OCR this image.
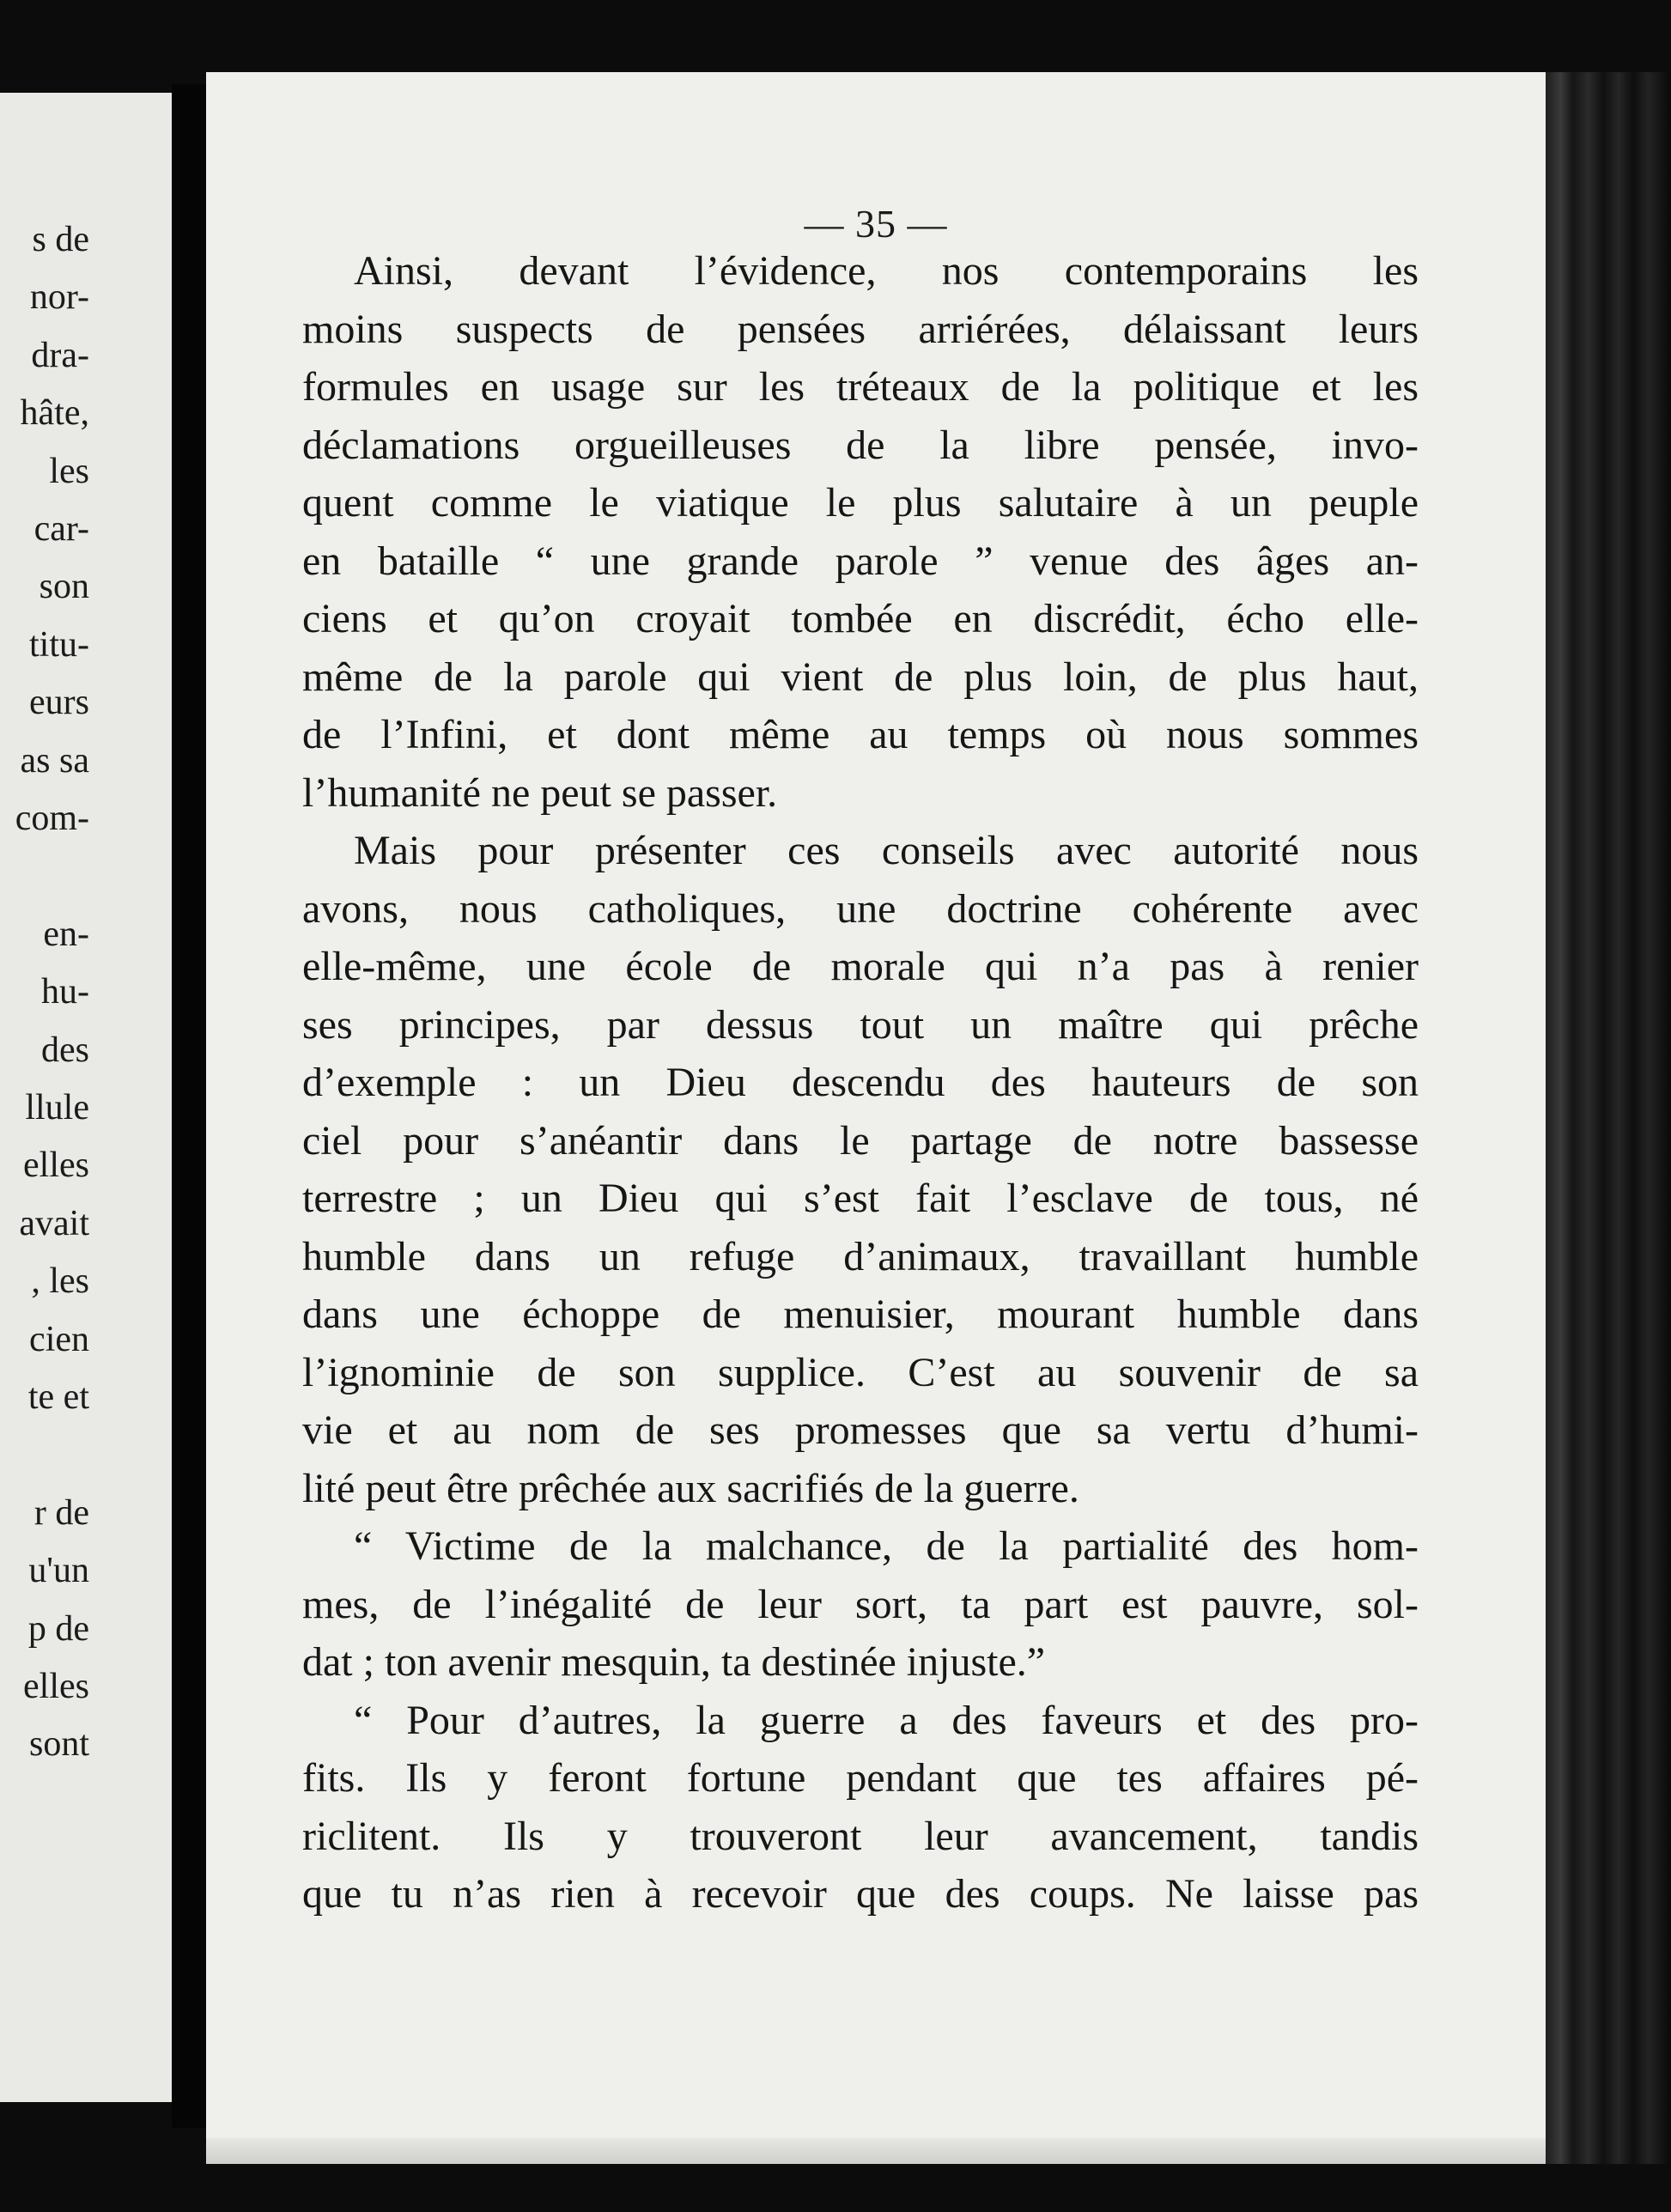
s de
nor-
dra-
hâte,
les
car-
son
titu-
eurs
as sa
com-
en-
hu-
des
llule
elles
avait
, les
cien
te et
r de
u'un
p de
elles
sont
— 35 —
Ainsi, devant l’évidence, nos contemporains les
moins suspects de pensées arriérées, délaissant leurs
formules en usage sur les tréteaux de la politique et les
déclamations orgueilleuses de la libre pensée, invo-
quent comme le viatique le plus salutaire à un peuple
en bataille “ une grande parole ” venue des âges an-
ciens et qu’on croyait tombée en discrédit, écho elle-
même de la parole qui vient de plus loin, de plus haut,
de l’Infini, et dont même au temps où nous sommes
l’humanité ne peut se passer.
Mais pour présenter ces conseils avec autorité nous
avons, nous catholiques, une doctrine cohérente avec
elle-même, une école de morale qui n’a pas à renier
ses principes, par dessus tout un maître qui prêche
d’exemple : un Dieu descendu des hauteurs de son
ciel pour s’anéantir dans le partage de notre bassesse
terrestre ; un Dieu qui s’est fait l’esclave de tous, né
humble dans un refuge d’animaux, travaillant humble
dans une échoppe de menuisier, mourant humble dans
l’ignominie de son supplice. C’est au souvenir de sa
vie et au nom de ses promesses que sa vertu d’humi-
lité peut être prêchée aux sacrifiés de la guerre.
“ Victime de la malchance, de la partialité des hom-
mes, de l’inégalité de leur sort, ta part est pauvre, sol-
dat ; ton avenir mesquin, ta destinée injuste.”
“ Pour d’autres, la guerre a des faveurs et des pro-
fits. Ils y feront fortune pendant que tes affaires pé-
riclitent. Ils y trouveront leur avancement, tandis
que tu n’as rien à recevoir que des coups. Ne laisse pas
